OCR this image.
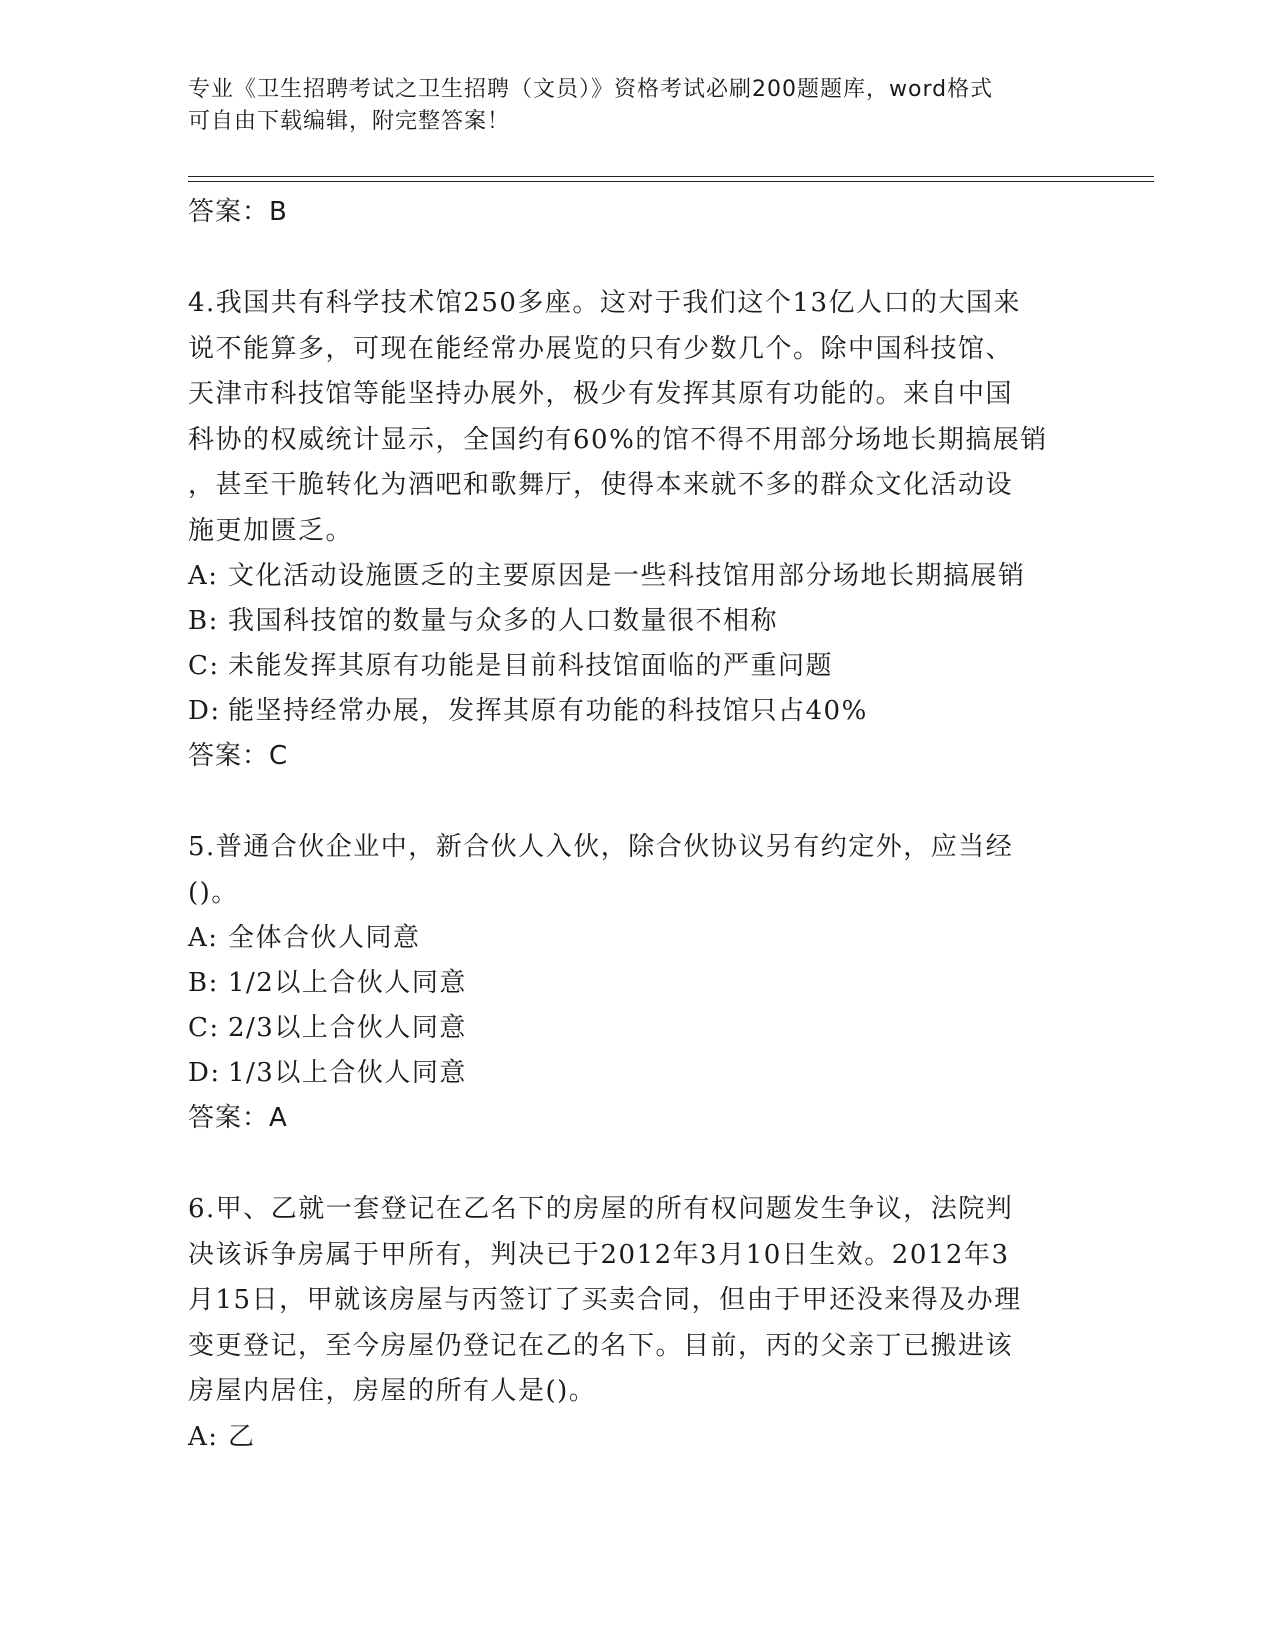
专业《卫生招聘考试之卫生招聘（文员）》资格考试必刷200题题库，word格式
可自由下载编辑，附完整答案！
答案：B
4.我国共有科学技术馆250多座。这对于我们这个13亿人口的大国来
说不能算多，可现在能经常办展览的只有少数几个。除中国科技馆、
天津市科技馆等能坚持办展外，极少有发挥其原有功能的。来自中国
科协的权威统计显示，全国约有60%的馆不得不用部分场地长期搞展销
，甚至干脆转化为酒吧和歌舞厅，使得本来就不多的群众文化活动设
施更加匮乏。
A: 文化活动设施匮乏的主要原因是一些科技馆用部分场地长期搞展销
B: 我国科技馆的数量与众多的人口数量很不相称
C: 未能发挥其原有功能是目前科技馆面临的严重问题
D: 能坚持经常办展，发挥其原有功能的科技馆只占40%
答案：C
5.普通合伙企业中，新合伙人入伙，除合伙协议另有约定外，应当经
()。
A: 全体合伙人同意
B: 1/2以上合伙人同意
C: 2/3以上合伙人同意
D: 1/3以上合伙人同意
答案：A
6.甲、乙就一套登记在乙名下的房屋的所有权问题发生争议，法院判
决该诉争房属于甲所有，判决已于2012年3月10日生效。2012年3
月15日，甲就该房屋与丙签订了买卖合同，但由于甲还没来得及办理
变更登记，至今房屋仍登记在乙的名下。目前，丙的父亲丁已搬进该
房屋内居住，房屋的所有人是()。
A: 乙
